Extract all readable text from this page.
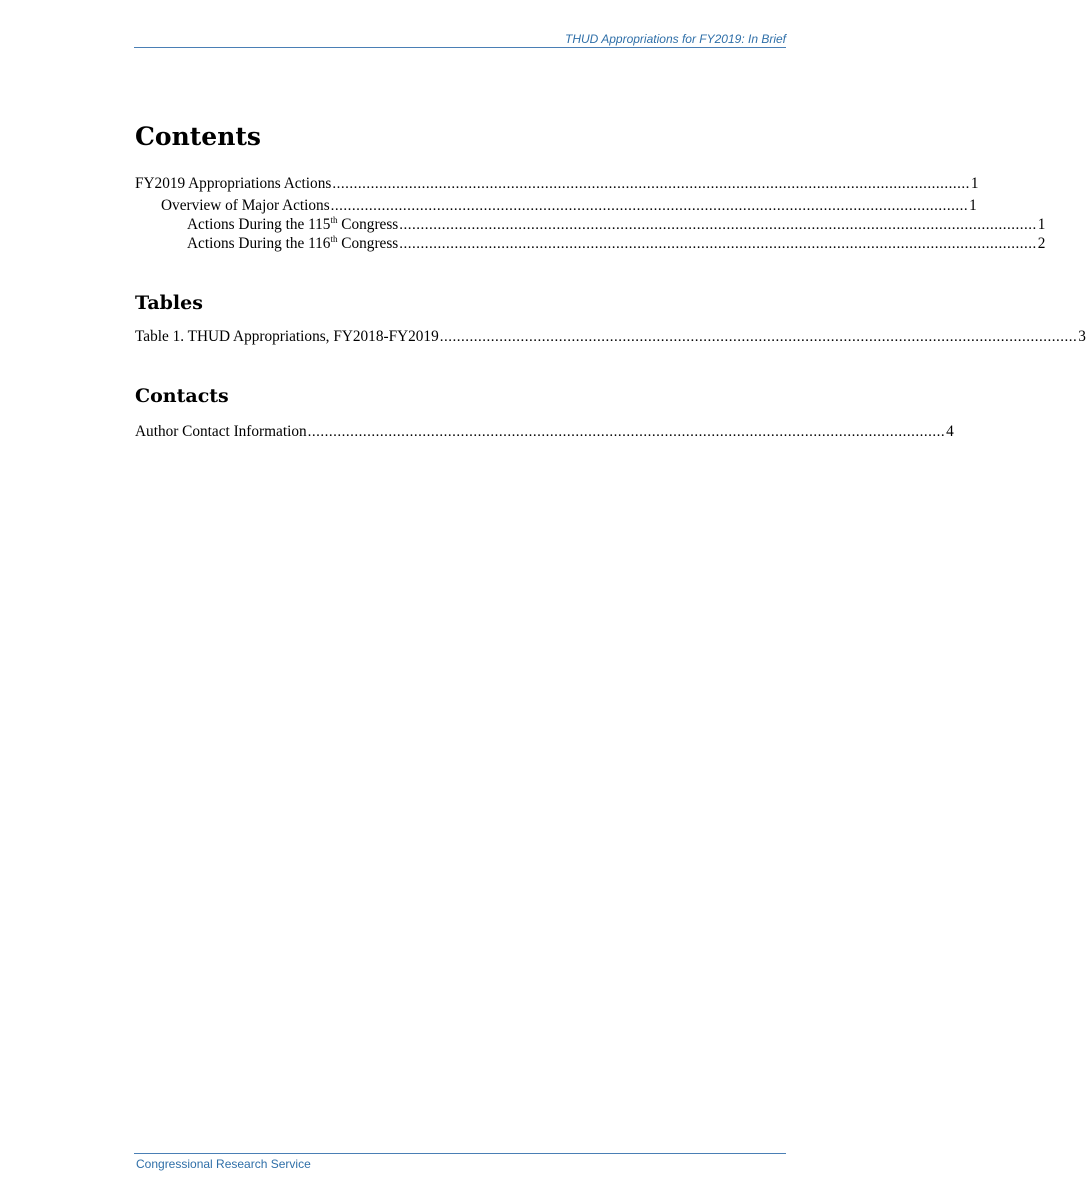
THUD Appropriations for FY2019: In Brief
Contents
FY2019 Appropriations Actions ...................................................................................................................................................... 1
Overview of Major Actions ...................................................................................................................................................... 1
Actions During the 115th Congress ...................................................................................................................................................... 1
Actions During the 116th Congress ...................................................................................................................................................... 2
Tables
Table 1. THUD Appropriations, FY2018-FY2019 ...................................................................................................................................................... 3
Contacts
Author Contact Information ...................................................................................................................................................... 4
Congressional Research Service
